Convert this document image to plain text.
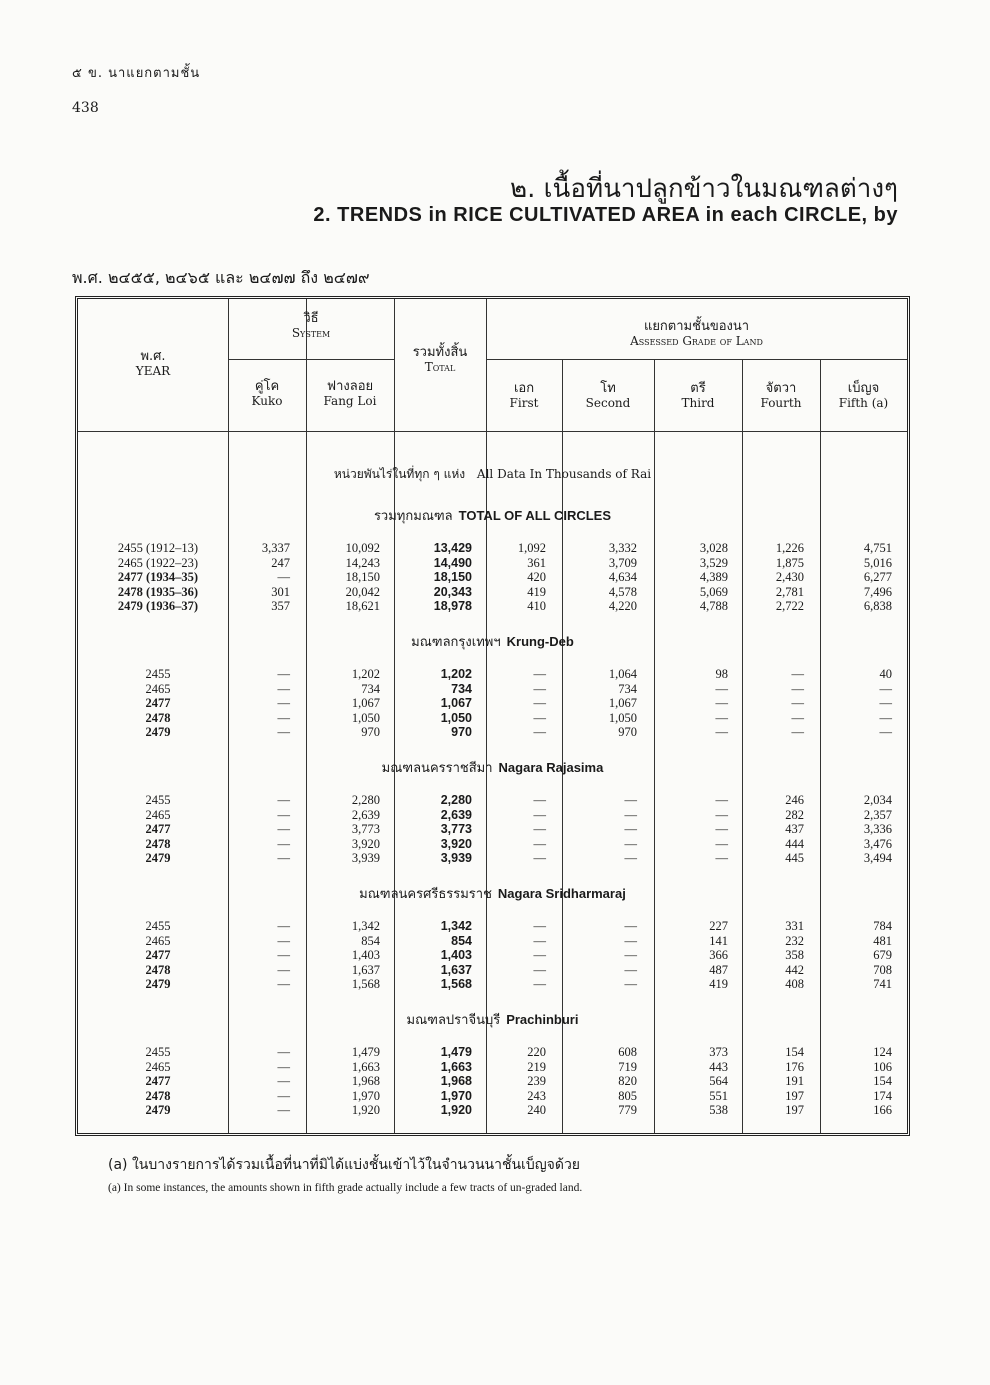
๕ ข. นาแยกตามชั้น
438
๒. เนื้อที่นาปลูกข้าวในมณฑลต่างๆ
2. TRENDS in RICE CULTIVATED AREA in each CIRCLE, by
พ.ศ. ๒๔๕๕, ๒๔๖๕ และ ๒๔๗๗ ถึง ๒๔๗๙
พ.ศ.
YEAR
วิธี
System
คู่โค
Kuko
ฟางลอย
Fang Loi
รวมทั้งสิ้น
Total
แยกตามชั้นของนา
Assessed Grade of Land
เอก
First
โท
Second
ตรี
Third
จัตวา
Fourth
เบ็ญจ
Fifth (a)
หน่วยพันไร่ในที่ทุก ๆ แห่ง All Data In Thousands of Rai
รวมทุกมณฑล TOTAL OF ALL CIRCLES
2455 (1912–13)	3,337	10,092	13,429	1,092	3,332	3,028	1,226	4,751
2465 (1922–23)	247	14,243	14,490	361	3,709	3,529	1,875	5,016
2477 (1934–35)	—	18,150	18,150	420	4,634	4,389	2,430	6,277
2478 (1935–36)	301	20,042	20,343	419	4,578	5,069	2,781	7,496
2479 (1936–37)	357	18,621	18,978	410	4,220	4,788	2,722	6,838
มณฑลกรุงเทพฯ Krung-Deb
2455	—	1,202	1,202	—	1,064	98	—	40
2465	—	734	734	—	734	—	—	—
2477	—	1,067	1,067	—	1,067	—	—	—
2478	—	1,050	1,050	—	1,050	—	—	—
2479	—	970	970	—	970	—	—	—
มณฑลนครราชสีมา Nagara Rajasima
2455	—	2,280	2,280	—	—	—	246	2,034
2465	—	2,639	2,639	—	—	—	282	2,357
2477	—	3,773	3,773	—	—	—	437	3,336
2478	—	3,920	3,920	—	—	—	444	3,476
2479	—	3,939	3,939	—	—	—	445	3,494
มณฑลนครศรีธรรมราช Nagara Sridharmaraj
2455	—	1,342	1,342	—	—	227	331	784
2465	—	854	854	—	—	141	232	481
2477	—	1,403	1,403	—	—	366	358	679
2478	—	1,637	1,637	—	—	487	442	708
2479	—	1,568	1,568	—	—	419	408	741
มณฑลปราจีนบุรี Prachinburi
2455	—	1,479	1,479	220	608	373	154	124
2465	—	1,663	1,663	219	719	443	176	106
2477	—	1,968	1,968	239	820	564	191	154
2478	—	1,970	1,970	243	805	551	197	174
2479	—	1,920	1,920	240	779	538	197	166
(a) ในบางรายการได้รวมเนื้อที่นาที่มิได้แบ่งชั้นเข้าไว้ในจำนวนนาชั้นเบ็ญจด้วย
(a) In some instances, the amounts shown in fifth grade actually include a few tracts of un-graded land.
